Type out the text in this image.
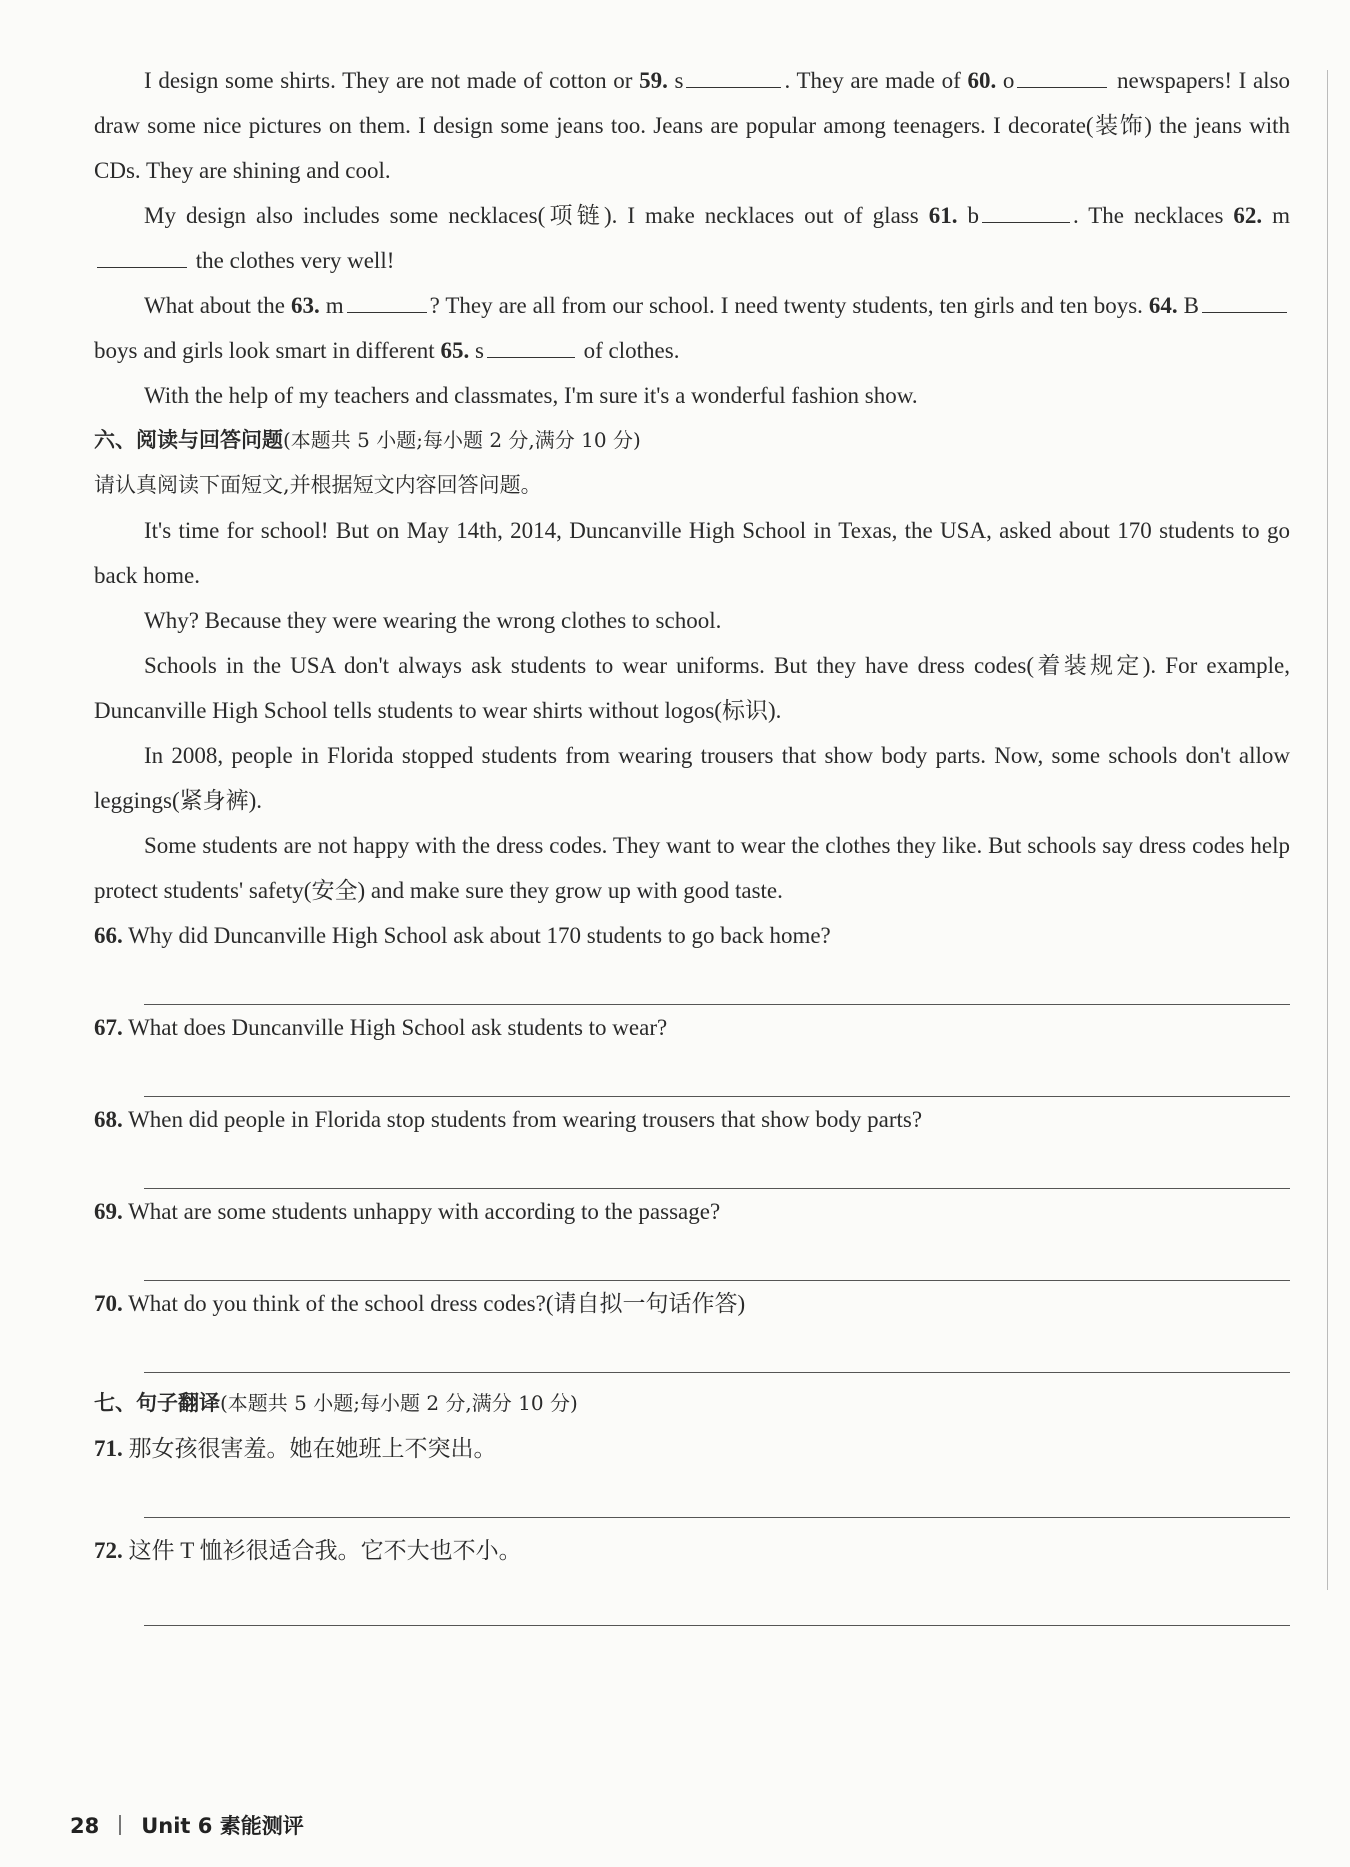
I design some shirts. They are not made of cotton or 59. s	. They are made of 60. o	newspapers! I also draw some nice pictures on them. I design some jeans too. Jeans are popular among teenagers. I decorate(装饰) the jeans with CDs. They are shining and cool.

My design also includes some necklaces(项链). I make necklaces out of glass 61. b	. The necklaces 62. m the clothes very well!

What about the 63. m	? They are all from our school. I need twenty students, ten girls and ten boys. 64. B boys and girls look smart in different 65. s	of clothes.

With the help of my teachers and classmates, I'm sure it's a wonderful fashion show.

六、阅读与回答问题(本题共 5 小题;每小题 2 分,满分 10 分)

请认真阅读下面短文,并根据短文内容回答问题。

It's time for school! But on May 14th, 2014, Duncanville High School in Texas, the USA, asked about 170 students to go back home.

Why? Because they were wearing the wrong clothes to school.

Schools in the USA don't always ask students to wear uniforms. But they have dress codes(着装规定). For example, Duncanville High School tells students to wear shirts without logos(标识).

In 2008, people in Florida stopped students from wearing trousers that show body parts. Now, some schools don't allow leggings(紧身裤).

Some students are not happy with the dress codes. They want to wear the clothes they like. But schools say dress codes help protect students' safety(安全) and make sure they grow up with good taste.

66. Why did Duncanville High School ask about 170 students to go back home?

67. What does Duncanville High School ask students to wear?

68. When did people in Florida stop students from wearing trousers that show body parts?

69. What are some students unhappy with according to the passage?

70. What do you think of the school dress codes?(请自拟一句话作答)

七、句子翻译(本题共 5 小题;每小题 2 分,满分 10 分)

71. 那女孩很害羞。她在她班上不突出。

72. 这件 T 恤衫很适合我。它不大也不小。

28 Unit 6 素能测评
